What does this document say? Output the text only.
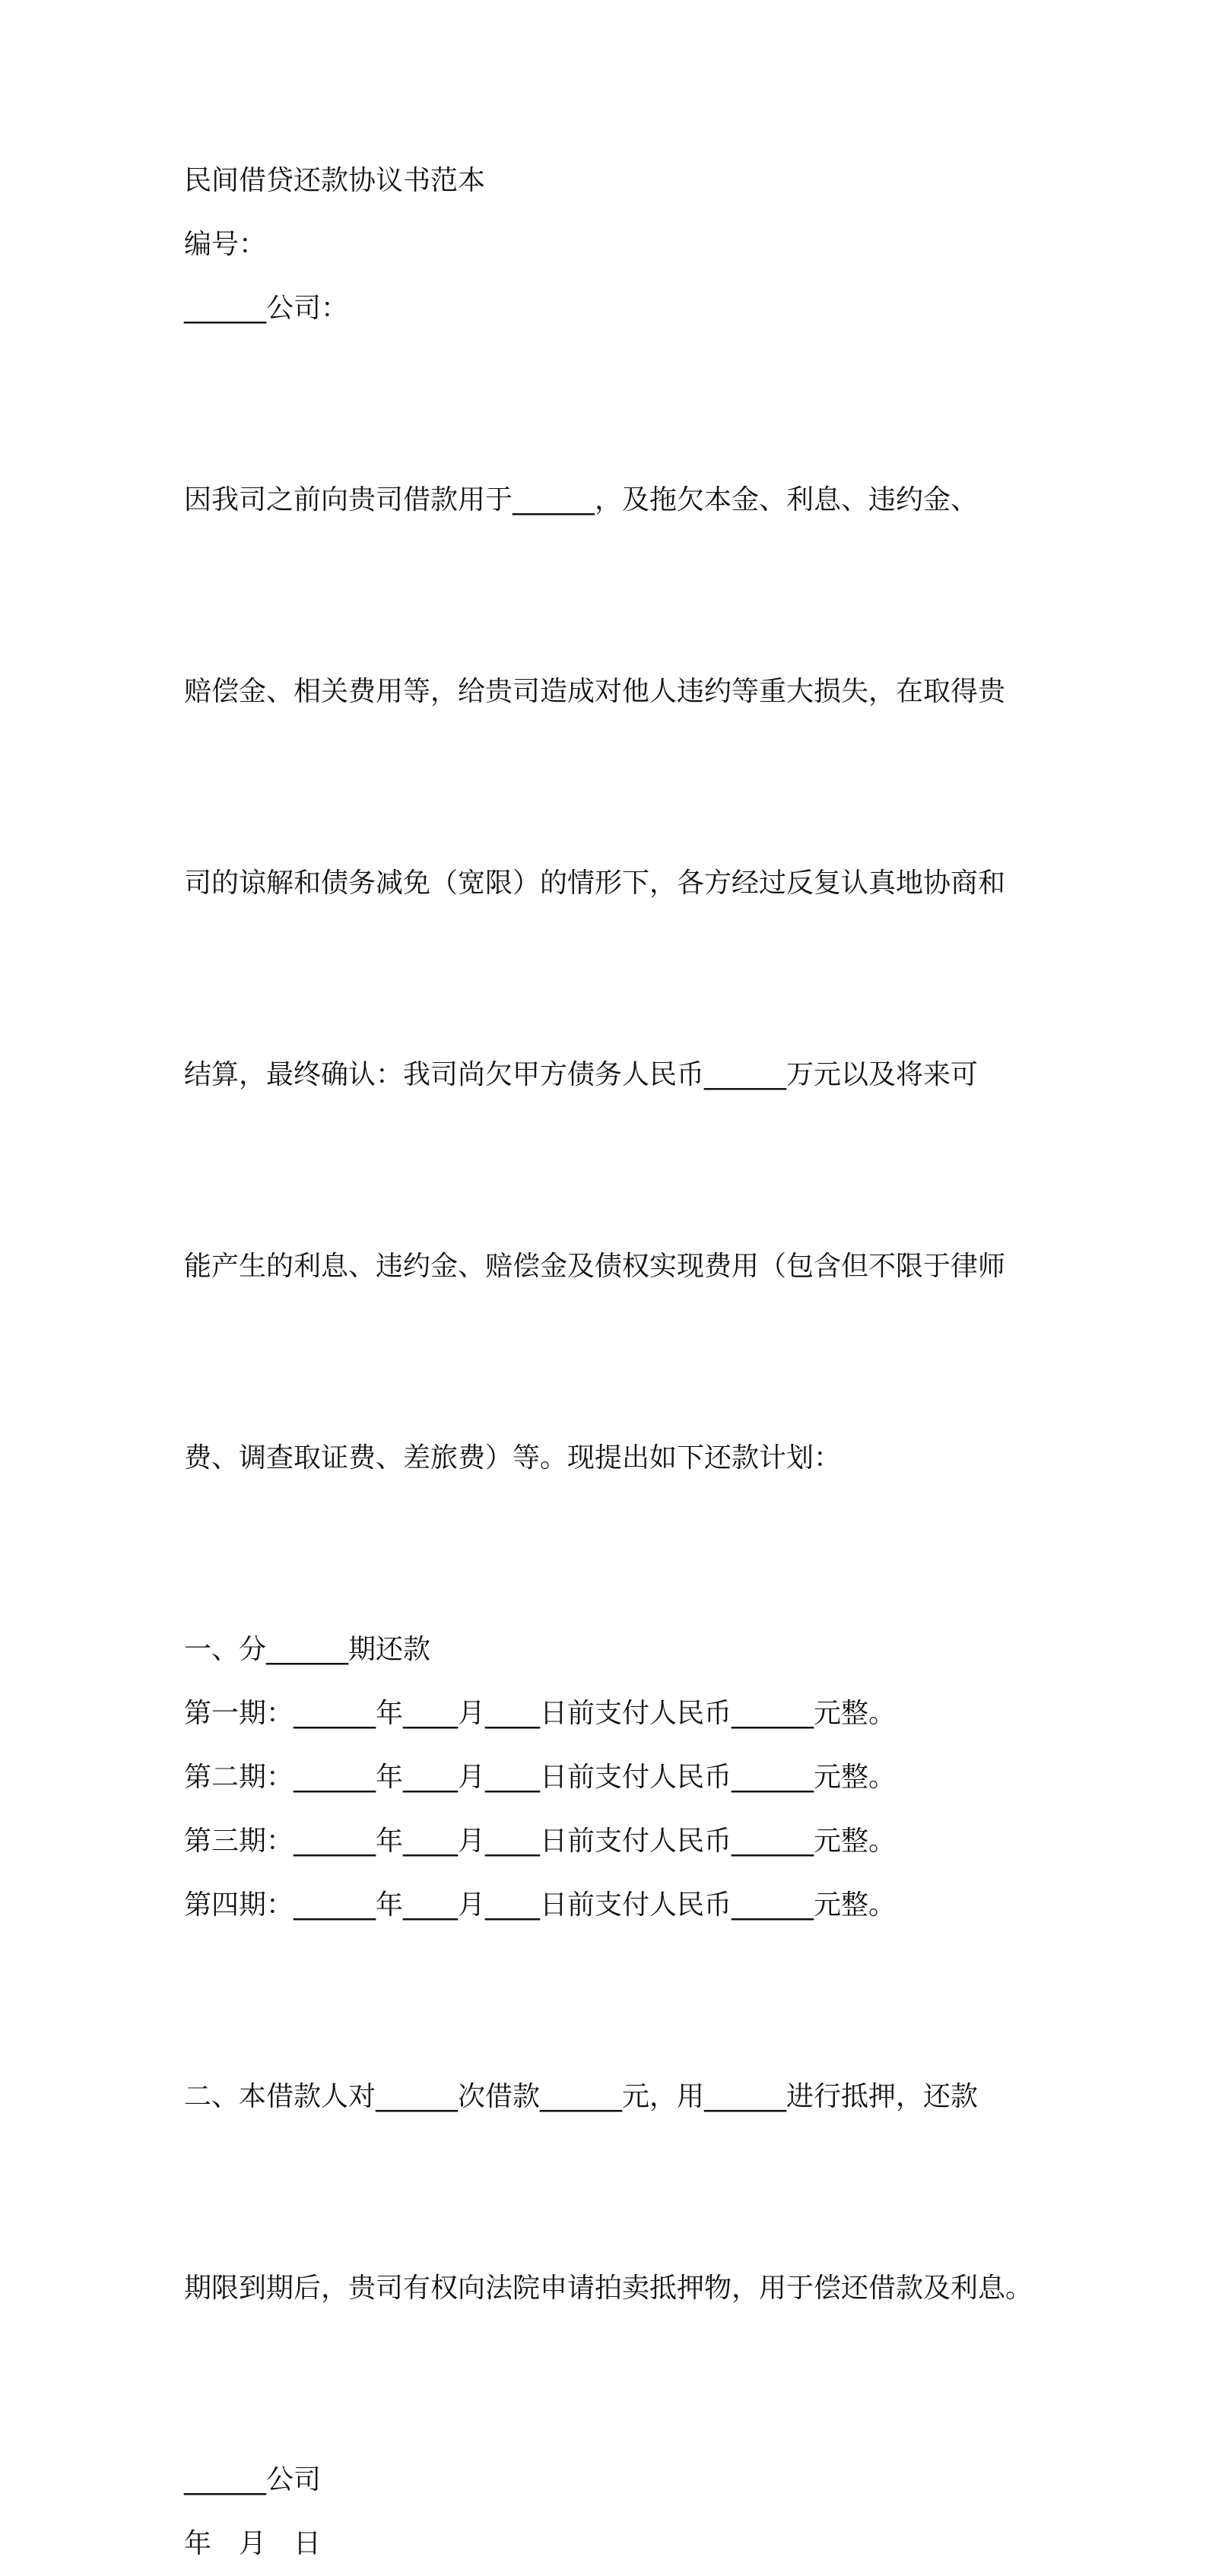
民间借贷还款协议书范本
编号：
______公司：

因我司之前向贵司借款用于______，及拖欠本金、利息、违约金、

赔偿金、相关费用等，给贵司造成对他人违约等重大损失，在取得贵

司的谅解和债务减免（宽限）的情形下，各方经过反复认真地协商和

结算，最终确认：我司尚欠甲方债务人民币______万元以及将来可

能产生的利息、违约金、赔偿金及债权实现费用（包含但不限于律师

费、调查取证费、差旅费）等。现提出如下还款计划：

一、分______期还款
第一期：______年____月____日前支付人民币______元整。
第二期：______年____月____日前支付人民币______元整。
第三期：______年____月____日前支付人民币______元整。
第四期：______年____月____日前支付人民币______元整。

二、本借款人对______次借款______元，用______进行抵押，还款

期限到期后，贵司有权向法院申请拍卖抵押物，用于偿还借款及利息。

______公司
年　月　日
